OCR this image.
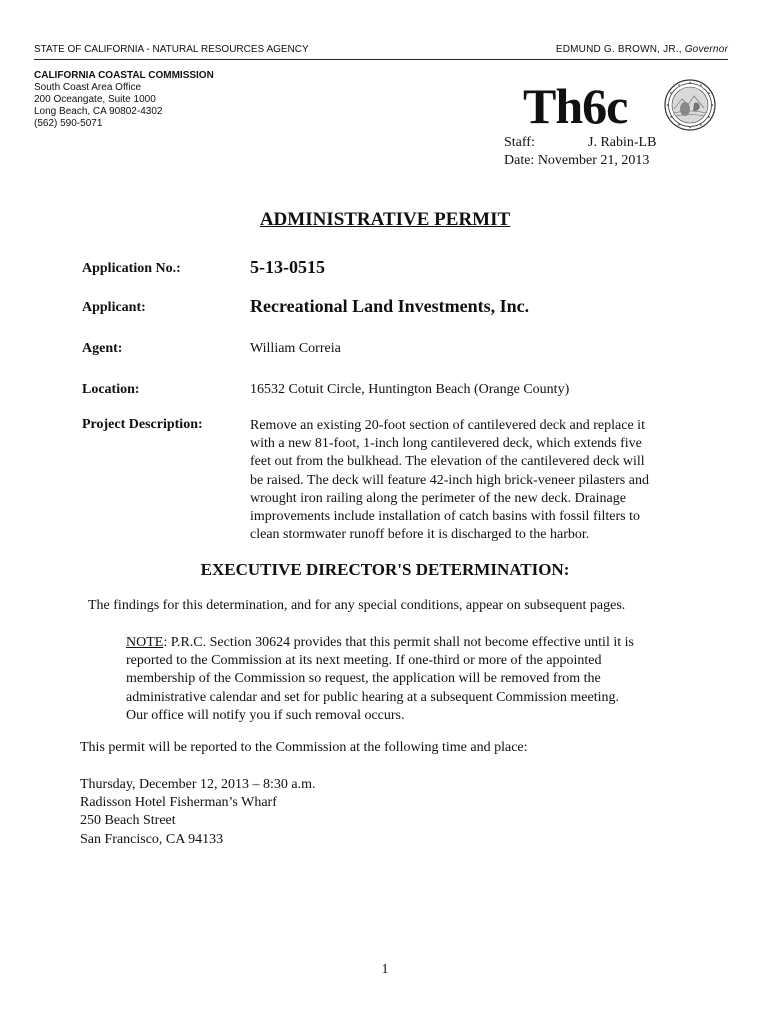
STATE OF CALIFORNIA - NATURAL RESOURCES AGENCY	EDMUND G. BROWN, JR., Governor
CALIFORNIA COASTAL COMMISSION
South Coast Area Office
200 Oceangate, Suite 1000
Long Beach, CA 90802-4302
(562) 590-5071	Th6c
Staff:	J. Rabin-LB
Date: November 21, 2013
ADMINISTRATIVE PERMIT
Application No.:	5-13-0515
Applicant:	Recreational Land Investments, Inc.
Agent:	William Correia
Location:	16532 Cotuit Circle, Huntington Beach (Orange County)
Project Description:	Remove an existing 20-foot section of cantilevered deck and replace it
with a new 81-foot, 1-inch long cantilevered deck, which extends five
feet out from the bulkhead. The elevation of the cantilevered deck will
be raised. The deck will feature 42-inch high brick-veneer pilasters and
wrought iron railing along the perimeter of the new deck. Drainage
improvements include installation of catch basins with fossil filters to
clean stormwater runoff before it is discharged to the harbor.
EXECUTIVE DIRECTOR'S DETERMINATION:
The findings for this determination, and for any special conditions, appear on subsequent pages.
NOTE: P.R.C. Section 30624 provides that this permit shall not become effective until it is
reported to the Commission at its next meeting. If one-third or more of the appointed
membership of the Commission so request, the application will be removed from the
administrative calendar and set for public hearing at a subsequent Commission meeting.
Our office will notify you if such removal occurs.
This permit will be reported to the Commission at the following time and place:
Thursday, December 12, 2013 – 8:30 a.m.
Radisson Hotel Fisherman’s Wharf
250 Beach Street
San Francisco, CA 94133
1
